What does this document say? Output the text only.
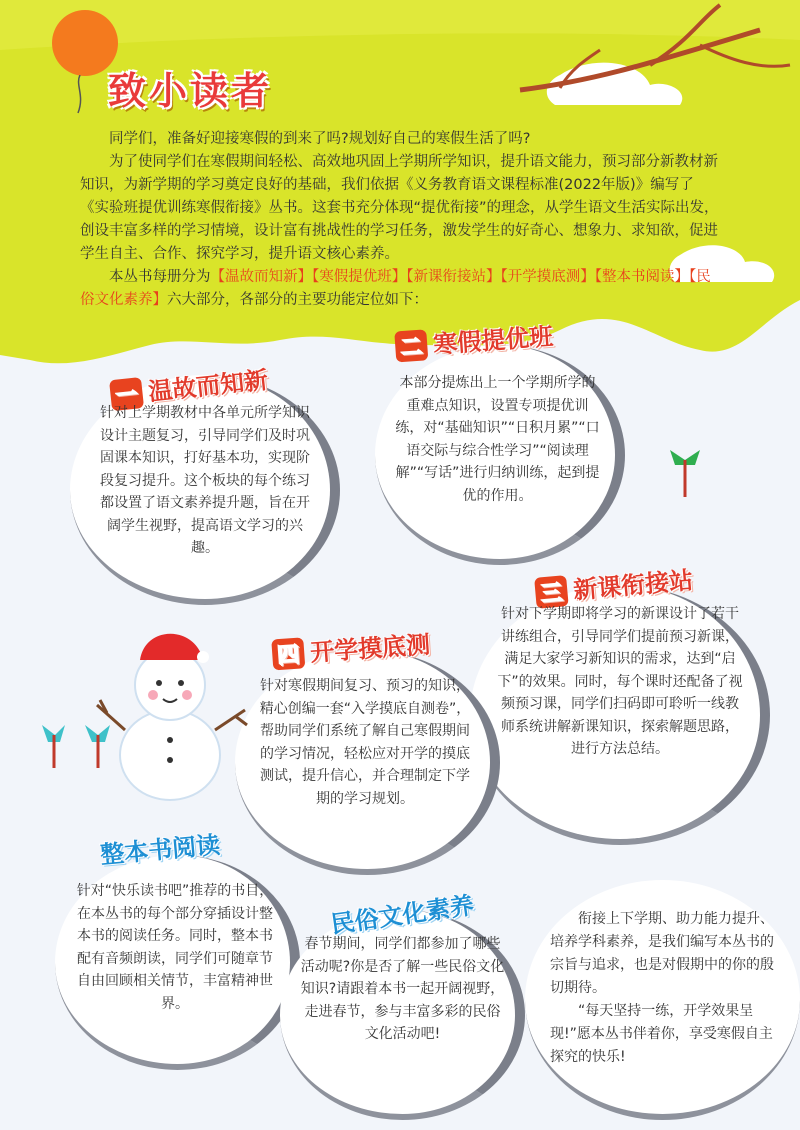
致小读者

同学们，准备好迎接寒假的到来了吗?规划好自己的寒假生活了吗?

为了使同学们在寒假期间轻松、高效地巩固上学期所学知识，提升语文能力，预习部分新教材新知识，为新学期的学习奠定良好的基础，我们依据《义务教育语文课程标准(2022年版)》编写了《实验班提优训练寒假衔接》丛书。这套书充分体现“提优衔接”的理念，从学生语文生活实际出发，创设丰富多样的学习情境，设计富有挑战性的学习任务，激发学生的好奇心、想象力、求知欲，促进学生自主、合作、探究学习，提升语文核心素养。

本丛书每册分为【温故而知新】【寒假提优班】【新课衔接站】【开学摸底测】【整本书阅读】【民俗文化素养】六大部分，各部分的主要功能定位如下：

一 温故而知新
二 寒假提优班
三 新课衔接站
四 开学摸底测
整本书阅读
民俗文化素养
针对上学期教材中各单元所学知识设计主题复习，引导同学们及时巩固课本知识，打好基本功，实现阶段复习提升。这个板块的每个练习都设置了语文素养提升题，旨在开阔学生视野，提高语文学习的兴趣。
本部分提炼出上一个学期所学的重难点知识，设置专项提优训练，对“基础知识”“日积月累”“口语交际与综合性学习”“阅读理解”“写话”进行归纳训练，起到提优的作用。
针对下学期即将学习的新课设计了若干讲练组合，引导同学们提前预习新课，满足大家学习新知识的需求，达到“启下”的效果。同时，每个课时还配备了视频预习课，同学们扫码即可聆听一线教师系统讲解新课知识，探索解题思路，进行方法总结。
针对寒假期间复习、预习的知识，精心创编一套“入学摸底自测卷”，帮助同学们系统了解自己寒假期间的学习情况，轻松应对开学的摸底测试，提升信心，并合理制定下学期的学习规划。
针对“快乐读书吧”推荐的书目，在本丛书的每个部分穿插设计整本书的阅读任务。同时，整本书配有音频朗读，同学们可随章节自由回顾相关情节，丰富精神世界。
春节期间，同学们都参加了哪些活动呢?你是否了解一些民俗文化知识?请跟着本书一起开阔视野，走进春节，参与丰富多彩的民俗文化活动吧!

衔接上下学期、助力能力提升、培养学科素养，是我们编写本丛书的宗旨与追求，也是对假期中的你的殷切期待。

“每天坚持一练，开学效果呈现!”愿本丛书伴着你，享受寒假自主探究的快乐!
